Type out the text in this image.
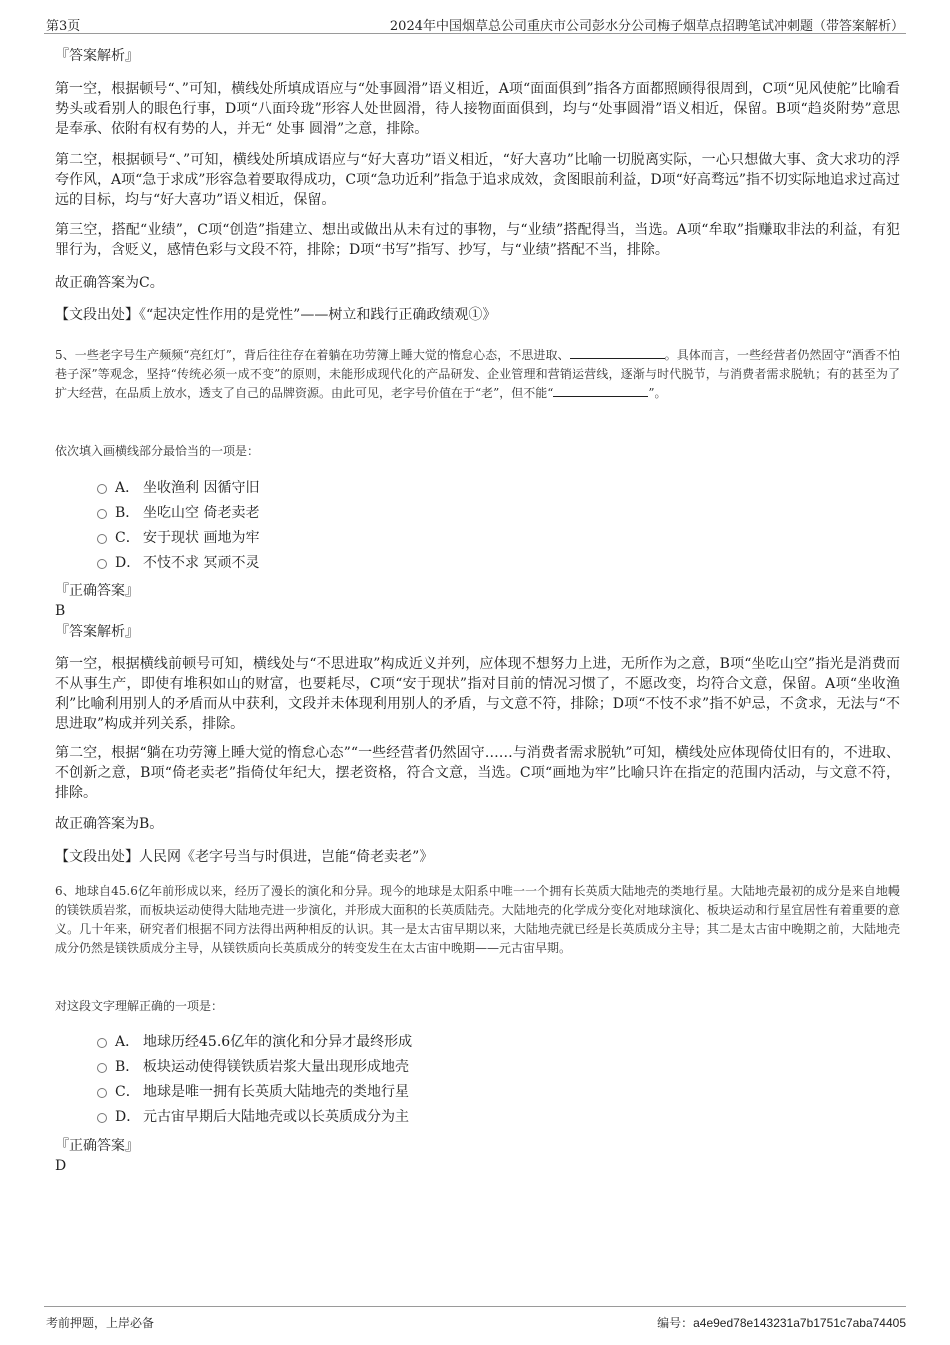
第3页	2024年中国烟草总公司重庆市公司彭水分公司梅子烟草点招聘笔试冲刺题（带答案解析）
『答案解析』
第一空，根据顿号“、”可知，横线处所填成语应与“处事圆滑”语义相近，A项“面面俱到”指各方面都照顾得很周到，C项“见风使舵”比喻看势头或看别人的眼色行事，D项“八面玲珑”形容人处世圆滑，待人接物面面俱到，均与“处事圆滑”语义相近，保留。B项“趋炎附势”意思是奉承、依附有权有势的人，并无“ 处事 圆滑”之意，排除。
第二空，根据顿号“、”可知，横线处所填成语应与“好大喜功”语义相近，“好大喜功”比喻一切脱离实际，一心只想做大事、贪大求功的浮夸作风，A项“急于求成”形容急着要取得成功，C项“急功近利”指急于追求成效，贪图眼前利益，D项“好高骛远”指不切实际地追求过高过远的目标，均与“好大喜功”语义相近，保留。
第三空，搭配“业绩”，C项“创造”指建立、想出或做出从未有过的事物，与“业绩”搭配得当，当选。A项“牟取”指赚取非法的利益，有犯罪行为，含贬义，感情色彩与文段不符，排除；D项“书写”指写、抄写，与“业绩”搭配不当，排除。
故正确答案为C。
【文段出处】《“起决定性作用的是党性”——树立和践行正确政绩观①》
5、一些老字号生产频频“亮红灯”，背后往往存在着躺在功劳簿上睡大觉的惰怠心态，不思进取、	。具体而言，一些经营者仍然固守“酒香不怕巷子深”等观念，坚持“传统必须一成不变”的原则，未能形成现代化的产品研发、企业管理和营销运营线，逐渐与时代脱节，与消费者需求脱轨；有的甚至为了扩大经营，在品质上放水，透支了自己的品牌资源。由此可见，老字号价值在于“老”，但不能“	”。
依次填入画横线部分最恰当的一项是：
A． 坐收渔利 因循守旧
B． 坐吃山空 倚老卖老
C． 安于现状 画地为牢
D． 不忮不求 冥顽不灵
『正确答案』
B
『答案解析』
第一空，根据横线前顿号可知，横线处与“不思进取”构成近义并列，应体现不想努力上进，无所作为之意，B项“坐吃山空”指光是消费而不从事生产，即使有堆积如山的财富，也要耗尽，C项“安于现状”指对目前的情况习惯了，不愿改变，均符合文意，保留。A项“坐收渔利”比喻利用别人的矛盾而从中获利，文段并未体现利用别人的矛盾，与文意不符，排除；D项“不忮不求”指不妒忌，不贪求，无法与“不思进取”构成并列关系，排除。
第二空，根据“躺在功劳簿上睡大觉的惰怠心态”“一些经营者仍然固守……与消费者需求脱轨”可知，横线处应体现倚仗旧有的，不进取、不创新之意，B项“倚老卖老”指倚仗年纪大，摆老资格，符合文意，当选。C项“画地为牢”比喻只许在指定的范围内活动，与文意不符，排除。
故正确答案为B。
【文段出处】人民网《老字号当与时俱进，岂能“倚老卖老”》
6、地球自45.6亿年前形成以来，经历了漫长的演化和分异。现今的地球是太阳系中唯一一个拥有长英质大陆地壳的类地行星。大陆地壳最初的成分是来自地幔的镁铁质岩浆，而板块运动使得大陆地壳进一步演化，并形成大面积的长英质陆壳。大陆地壳的化学成分变化对地球演化、板块运动和行星宜居性有着重要的意义。几十年来，研究者们根据不同方法得出两种相反的认识。其一是太古宙早期以来，大陆地壳就已经是长英质成分主导；其二是太古宙中晚期之前，大陆地壳成分仍然是镁铁质成分主导，从镁铁质向长英质成分的转变发生在太古宙中晚期——元古宙早期。
对这段文字理解正确的一项是：
A． 地球历经45.6亿年的演化和分异才最终形成
B． 板块运动使得镁铁质岩浆大量出现形成地壳
C． 地球是唯一拥有长英质大陆地壳的类地行星
D． 元古宙早期后大陆地壳或以长英质成分为主
『正确答案』
D
考前押题，上岸必备	编号：a4e9ed78e143231a7b1751c7aba74405
